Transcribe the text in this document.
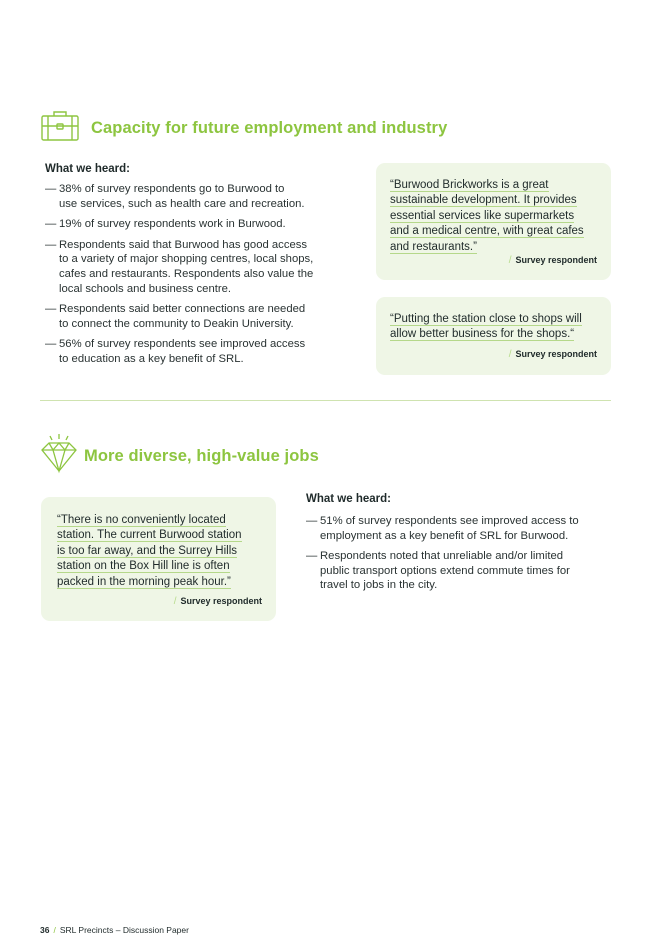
Capacity for future employment and industry
What we heard:
— 38% of survey respondents go to Burwood to
use services, such as health care and recreation.
— 19% of survey respondents work in Burwood.
— Respondents said that Burwood has good access
to a variety of major shopping centres, local shops,
cafes and restaurants. Respondents also value the
local schools and business centre.
— Respondents said better connections are needed
to connect the community to Deakin University.
— 56% of survey respondents see improved access
to education as a key benefit of SRL.
“Burwood Brickworks is a great
sustainable development. It provides
essential services like supermarkets
and a medical centre, with great cafes
and restaurants.”
/ Survey respondent
“Putting the station close to shops will
allow better business for the shops.“
/ Survey respondent
More diverse, high-value jobs
“There is no conveniently located
station. The current Burwood station
is too far away, and the Surrey Hills
station on the Box Hill line is often
packed in the morning peak hour.”
/ Survey respondent
What we heard:
— 51% of survey respondents see improved access to
employment as a key benefit of SRL for Burwood.
— Respondents noted that unreliable and/or limited
public transport options extend commute times for
travel to jobs in the city.
36 / SRL Precincts – Discussion Paper
